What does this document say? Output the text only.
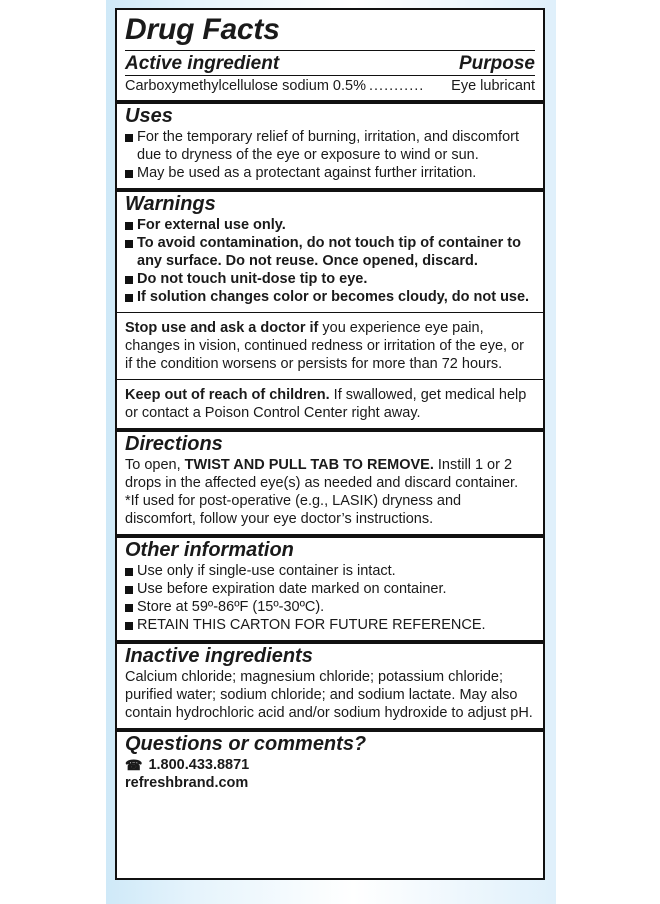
Drug Facts
Active ingredient	Purpose
Carboxymethylcellulose sodium 0.5% ...........	Eye lubricant
Uses
For the temporary relief of burning, irritation, and discomfort due to dryness of the eye or exposure to wind or sun.
May be used as a protectant against further irritation.
Warnings
For external use only.
To avoid contamination, do not touch tip of container to any surface. Do not reuse. Once opened, discard.
Do not touch unit-dose tip to eye.
If solution changes color or becomes cloudy, do not use.
Stop use and ask a doctor if you experience eye pain, changes in vision, continued redness or irritation of the eye, or if the condition worsens or persists for more than 72 hours.
Keep out of reach of children. If swallowed, get medical help or contact a Poison Control Center right away.
Directions
To open, TWIST AND PULL TAB TO REMOVE. Instill 1 or 2 drops in the affected eye(s) as needed and discard container.
*If used for post-operative (e.g., LASIK) dryness and discomfort, follow your eye doctor’s instructions.
Other information
Use only if single-use container is intact.
Use before expiration date marked on container.
Store at 59º-86ºF (15º-30ºC).
RETAIN THIS CARTON FOR FUTURE REFERENCE.
Inactive ingredients
Calcium chloride; magnesium chloride; potassium chloride; purified water; sodium chloride; and sodium lactate. May also contain hydrochloric acid and/or sodium hydroxide to adjust pH.
Questions or comments?
☎ 1.800.433.8871
refreshbrand.com
